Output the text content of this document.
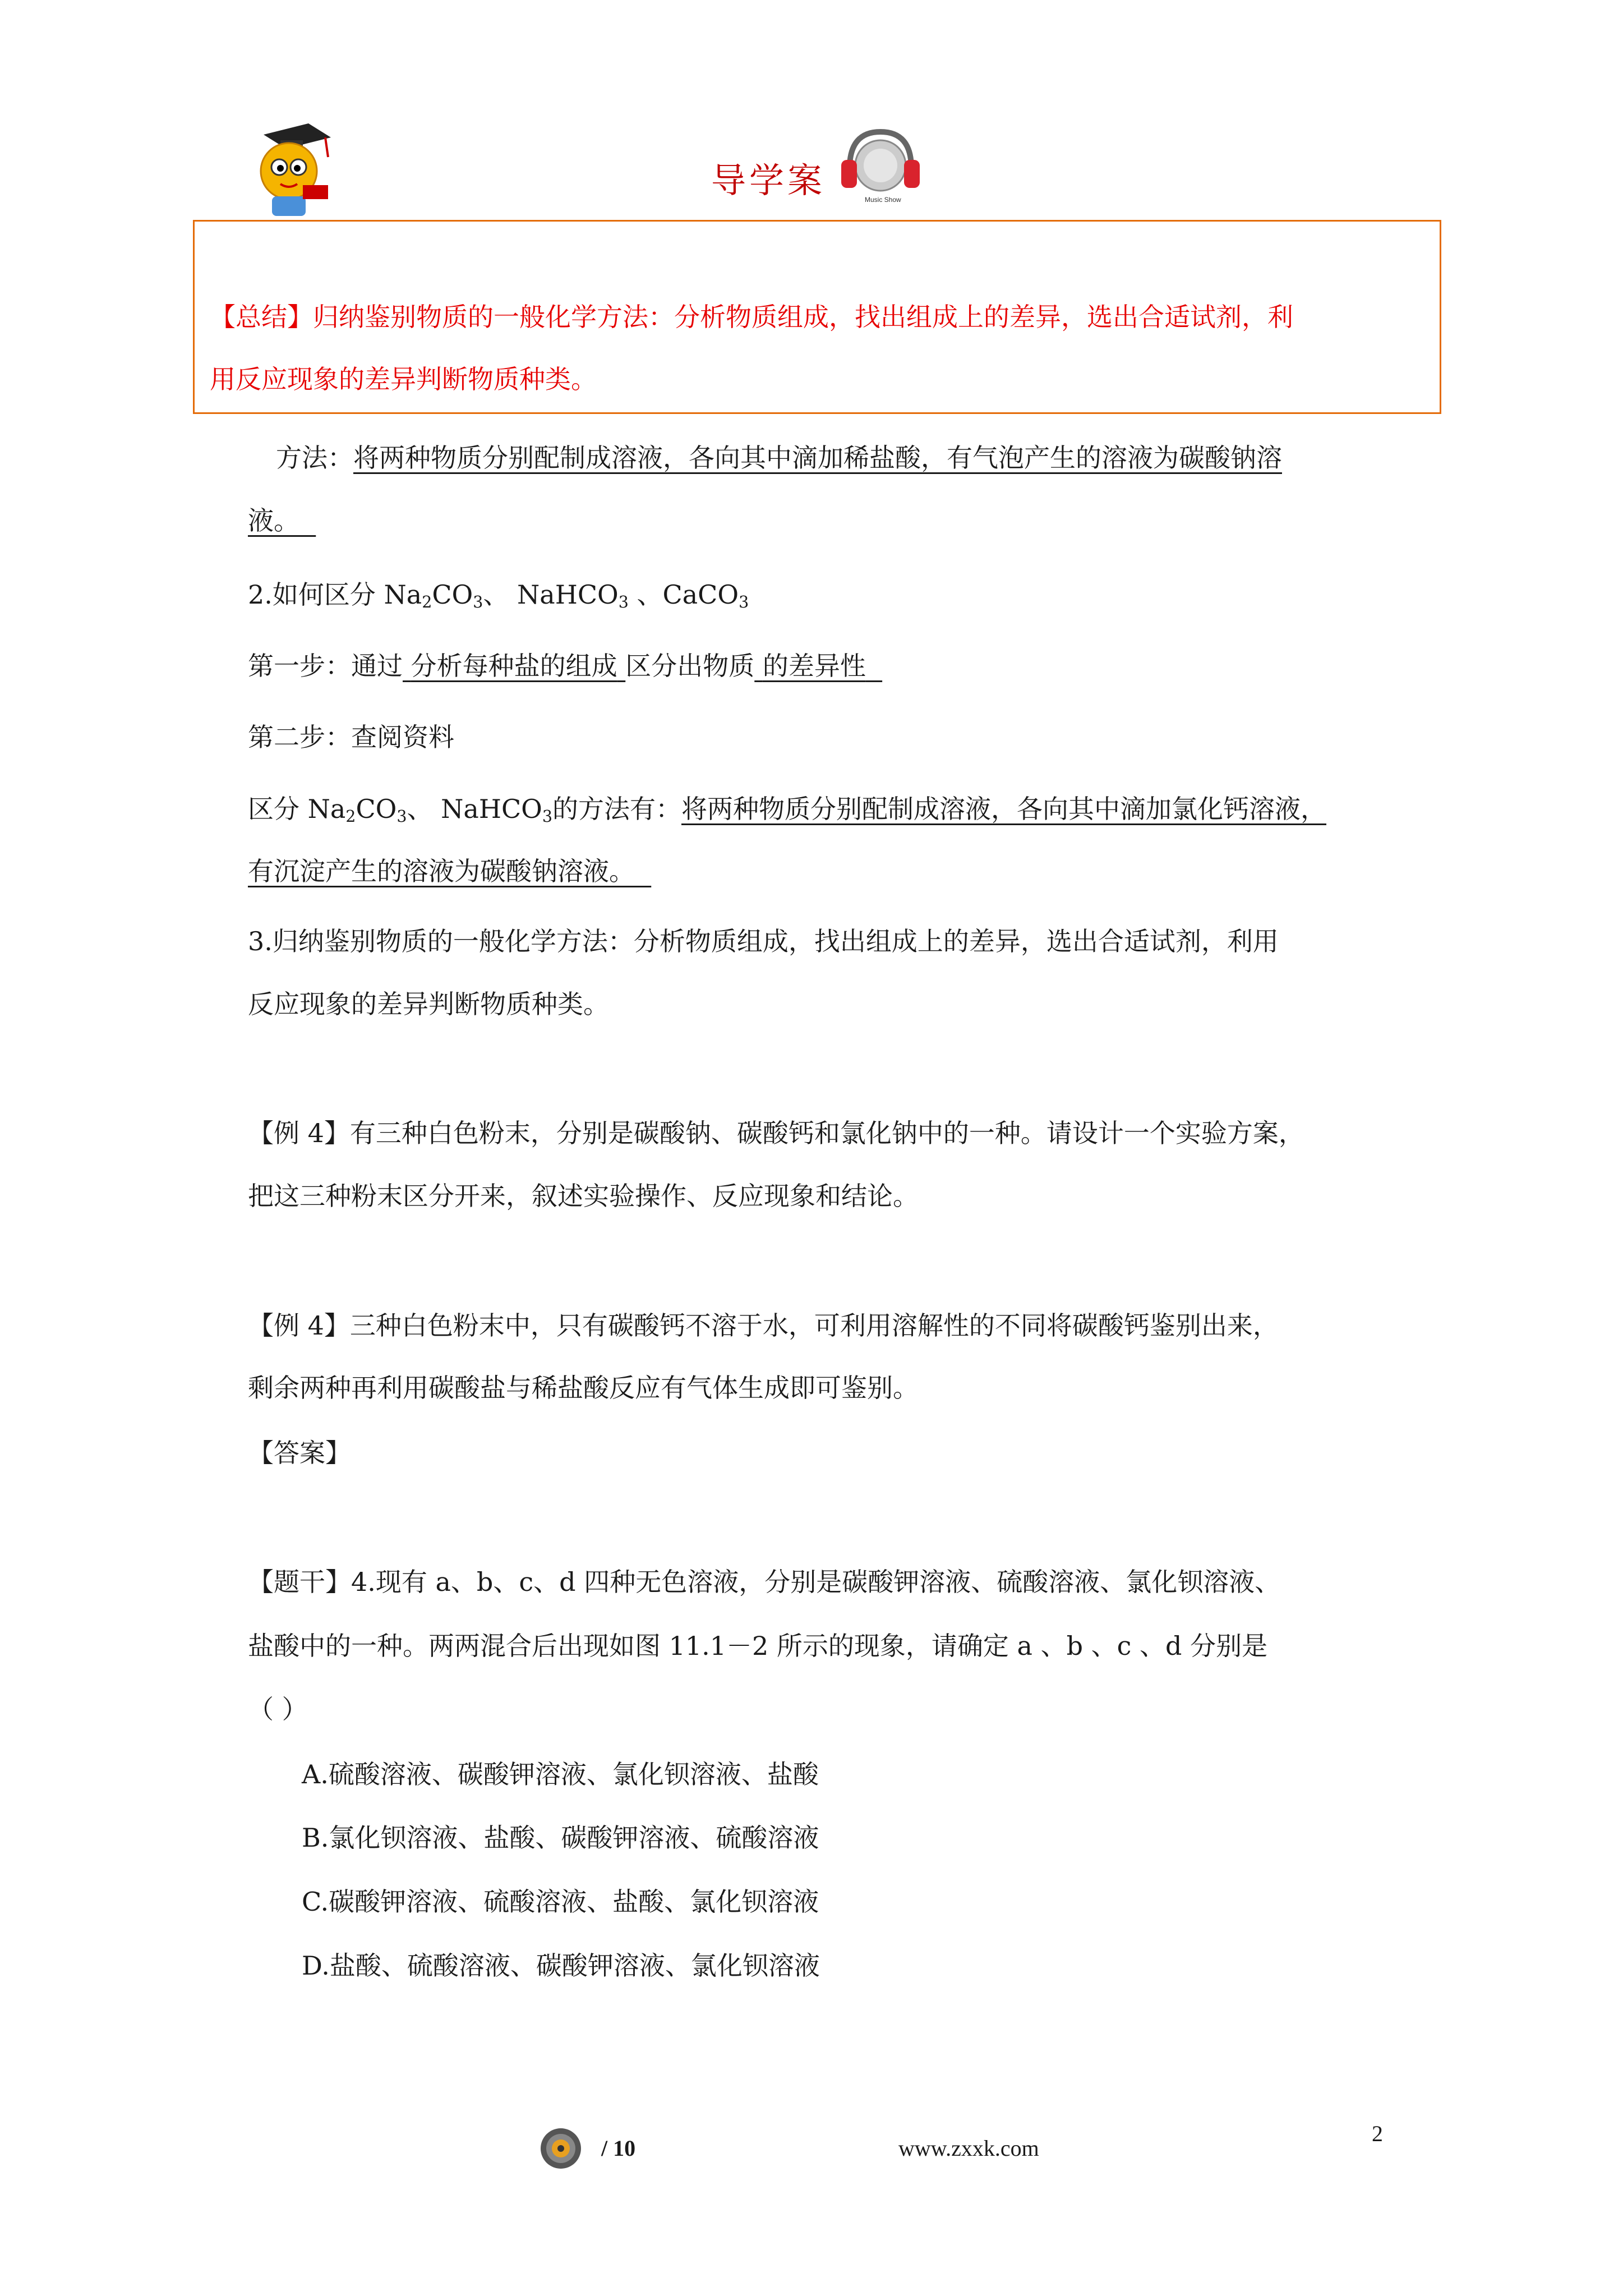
导学案	Music Show
【总结】归纳鉴别物质的一般化学方法：分析物质组成，找出组成上的差异，选出合适试剂，利
用反应现象的差异判断物质种类。
方法：将两种物质分别配制成溶液，各向其中滴加稀盐酸，有气泡产生的溶液为碳酸钠溶
液。
2.如何区分 $Na_2CO_3$、 NaHCO$_3$ 、CaCO$_3$
第一步：通过 分析每种盐的组成 区分出物质 的差异性
第二步：查阅资料
区分 $Na_2CO_3$、 NaHCO$_3$的方法有：将两种物质分别配制成溶液，各向其中滴加氯化钙溶液，
有沉淀产生的溶液为碳酸钠溶液。
3.归纳鉴别物质的一般化学方法：分析物质组成，找出组成上的差异，选出合适试剂，利用
反应现象的差异判断物质种类。
【例 4】有三种白色粉末，分别是碳酸钠、碳酸钙和氯化钠中的一种。请设计一个实验方案，
把这三种粉末区分开来，叙述实验操作、反应现象和结论。
【例 4】三种白色粉末中，只有碳酸钙不溶于水，可利用溶解性的不同将碳酸钙鉴别出来，
剩余两种再利用碳酸盐与稀盐酸反应有气体生成即可鉴别。
【答案】
【题干】4.现有 a、b、c、d 四种无色溶液，分别是碳酸钾溶液、硫酸溶液、氯化钡溶液、
盐酸中的一种。两两混合后出现如图 11.1－2 所示的现象，请确定 a 、b 、c 、d 分别是
（ ）
A.硫酸溶液、碳酸钾溶液、氯化钡溶液、盐酸
B.氯化钡溶液、盐酸、碳酸钾溶液、硫酸溶液
C.碳酸钾溶液、硫酸溶液、盐酸、氯化钡溶液
D.盐酸、硫酸溶液、碳酸钾溶液、氯化钡溶液
/ 10	www.zxxk.com
2
